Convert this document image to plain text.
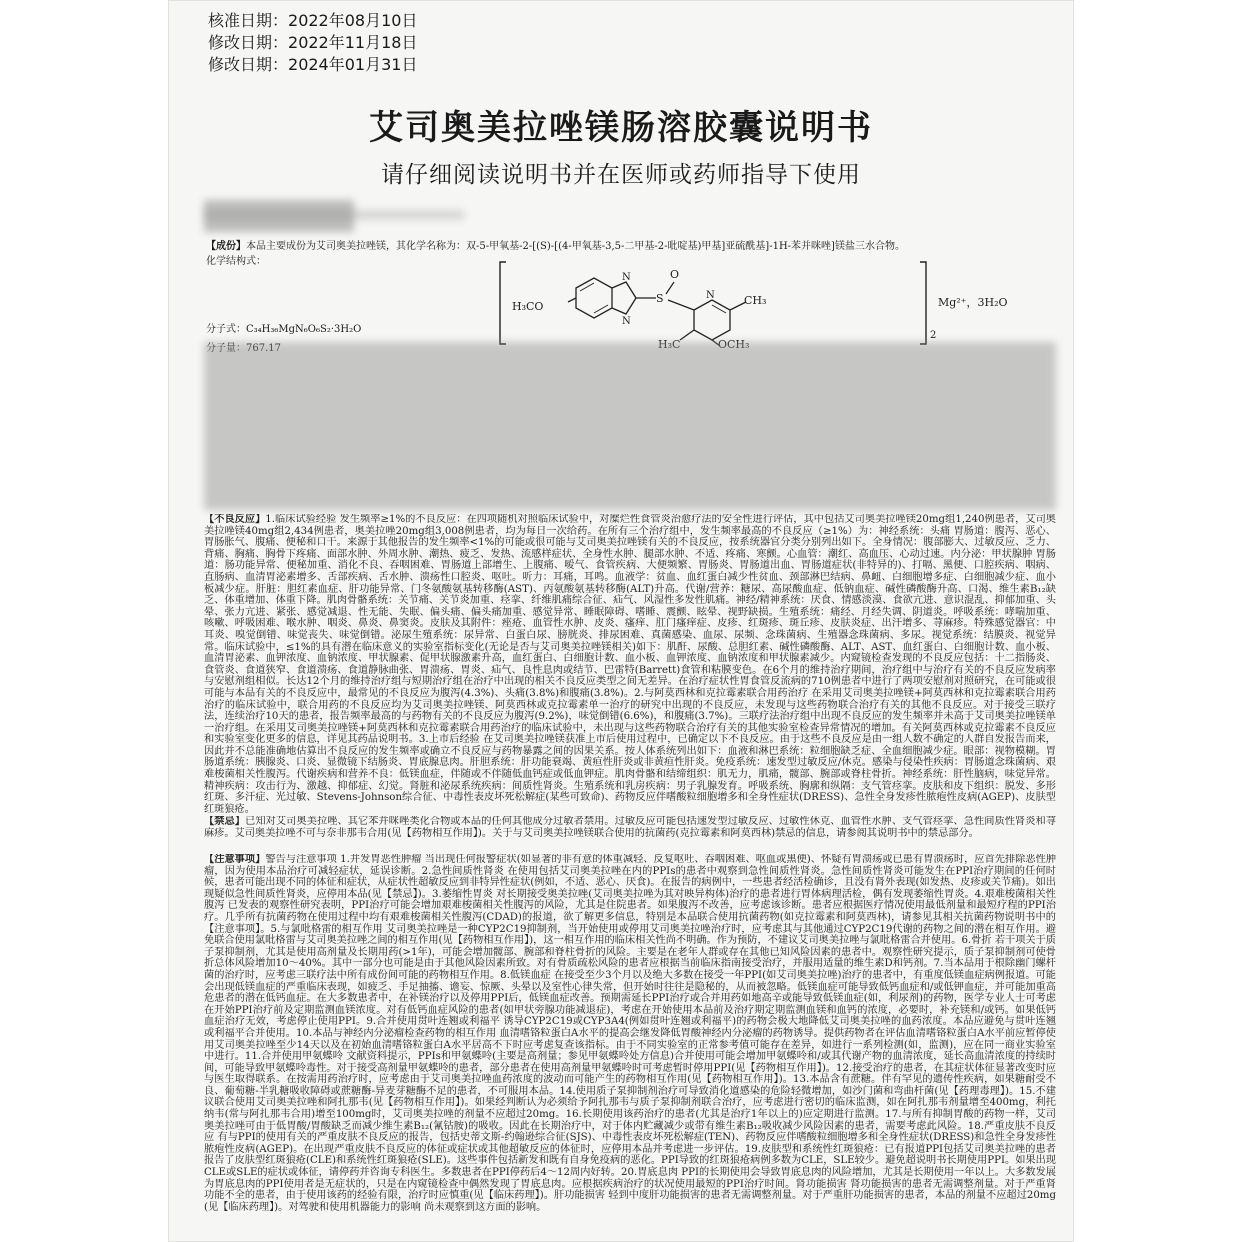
核准日期：2022年08月10日
修改日期：2022年11月18日
修改日期：2024年01月31日
艾司奥美拉唑镁肠溶胶囊说明书
请仔细阅读说明书并在医师或药师指导下使用
【成份】本品主要成份为艾司奥美拉唑镁，其化学名称为：双-5-甲氧基-2-[(S)-[(4-甲氧基-3,5-二甲基-2-吡啶基)甲基]亚硫酰基]-1H-苯并咪唑]镁盐三水合物。
化学结构式：
H₃CO
N
N
S
O
N	CH₃
H₃C	OCH₃
2
Mg²⁺，3H₂O
分子式：C₃₄H₃₆MgN₆O₆S₂·3H₂O
分子量：767.17
【不良反应】1.临床试验经验 发生频率≥1%的不良反应：在四项随机对照临床试验中，对糜烂性食管炎治愈疗法的安全性进行评估，其中包括艾司奥美拉唑镁20mg组1,240例患者，艾司奥美拉唑镁40mg组2,434例患者，奥美拉唑20mg组3,008例患者，均为每日一次给药。在所有三个治疗组中，发生频率最高的不良反应（≥1%）为：神经系统：头痛 胃肠道：腹泻、恶心、胃肠胀气、腹痛、便秘和口干。来源于其他报告的发生频率<1%的可能或很可能与艾司奥美拉唑镁有关的不良反应，按系统器官分类分别列出如下。全身情况：腹部膨大、过敏反应、乏力、背痛、胸痛、胸骨下疼痛、面部水肿、外周水肿、潮热、疲乏、发热、流感样症状、全身性水肿、腿部水肿、不适、疼痛、寒颤。心血管：潮红、高血压、心动过速。内分泌：甲状腺肿 胃肠道：肠功能异常、便秘加重、消化不良、吞咽困难、胃肠道上部增生、上腹痛、嗳气、食管疾病、大便频繁、胃肠炎、胃肠道出血、胃肠道症状(非特异的)、打嗝、黑便、口腔疾病、咽病、直肠病、血清胃泌素增多、舌部疾病、舌水肿、溃疡性口腔炎、呕吐。听力：耳痛，耳鸣。血液学：贫血、血红蛋白减少性贫血、颈部淋巴结病、鼻衄、白细胞增多症、白细胞减少症、血小板减少症。肝脏：胆红素血症、肝功能异常、门冬氨酸氨基转移酶(AST)、丙氨酸氨基转移酶(ALT)升高。代谢/营养：糖尿、高尿酸血症、低钠血症、碱性磷酸酶升高、口渴、维生素B₁₂缺乏、体重增加、体重下降。肌肉骨骼系统：关节痛、关节炎加重、痉挛、纤维肌痛综合征、疝气、风湿性多发性肌痛。神经/精神系统：厌食、情感淡漠、食欲亢进、意识混乱、抑郁加重、头晕、张力亢进、紧张、感觉减退、性无能、失眠、偏头痛、偏头痛加重、感觉异常、睡眠障碍、嗜睡、震颤、眩晕、视野缺损。生殖系统：痛经、月经失调、阴道炎。呼吸系统：哮喘加重、咳嗽、呼吸困难、喉水肿、咽炎、鼻炎、鼻窦炎。皮肤及其附件：痤疮、血管性水肿、皮炎、瘙痒、肛门瘙痒症、皮疹、红斑疹、斑丘疹、皮肤炎症、出汗增多、荨麻疹。特殊感觉器官：中耳炎、嗅觉倒错、味觉丧失、味觉倒错。泌尿生殖系统：尿异常、白蛋白尿、膀胱炎、排尿困难、真菌感染、血尿、尿频、念珠菌病、生殖器念珠菌病、多尿。视觉系统：结膜炎、视觉异常。临床试验中，≤1%的具有潜在临床意义的实验室指标变化(无论是否与艾司奥美拉唑镁相关)如下：肌酐、尿酸、总胆红素、碱性磷酸酶、ALT、AST、血红蛋白、白细胞计数、血小板、血清胃泌素、血钾浓度、血钠浓度、甲状腺素、促甲状腺激素升高，血红蛋白、白细胞计数、血小板、血钾浓度、血钠浓度和甲状腺素减少。内窥镜检查发现的不良反应包括：十二指肠炎、食管炎、食道狭窄、食道溃疡、食道静脉曲张、胃溃疡、胃炎、疝气、良性息肉或结节、巴雷特(Barrett)食管和粘膜变色。在6个月的维持治疗期间，治疗组中与治疗有关的不良反应发病率与安慰剂组相似。长达12个月的维持治疗组与短期治疗组在治疗中出现的相关不良反应类型之间无差异。在治疗症状性胃食管反流病的710例患者中进行了两项安慰剂对照研究，在可能或很可能与本品有关的不良反应中，最常见的不良反应为腹泻(4.3%)、头痛(3.8%)和腹痛(3.8%)。2.与阿莫西林和克拉霉素联合用药治疗 在采用艾司奥美拉唑镁+阿莫西林和克拉霉素联合用药治疗的临床试验中，联合用药的不良反应均为艾司奥美拉唑镁、阿莫西林或克拉霉素单一治疗的研究中出现的不良反应，未发现与这些药物联合治疗有关的其他不良反应。对于接受三联疗法，连续治疗10天的患者，报告频率最高的与药物有关的不良反应为腹泻(9.2%)，味觉倒错(6.6%)，和腹痛(3.7%)。三联疗法治疗组中出现不良反应的发生频率并未高于艾司奥美拉唑镁单一治疗组。在采用艾司奥美拉唑镁+阿莫西林和克拉霉素联合用药治疗的临床试验中，未出现与这些药物联合治疗有关的其他实验室检查异常情况的增加。有关阿莫西林或克拉霉素不良反应和实验室变化更多的信息，详见其药品说明书。3.上市后经验 在艾司奥美拉唑镁获准上市后使用过程中，已确定以下不良反应。由于这些不良反应是由一组人数不确定的人群自发报告而来，因此并不总能准确地估算出不良反应的发生频率或确立不良反应与药物暴露之间的因果关系。按人体系统列出如下：血液和淋巴系统：粒细胞缺乏症、全血细胞减少症。眼部：视物模糊。胃肠道系统：胰腺炎、口炎、显微镜下结肠炎、胃底腺息肉。肝胆系统：肝功能衰竭、黄疸性肝炎或非黄疸性肝炎。免疫系统：速发型过敏反应/休克。感染与侵染性疾病：胃肠道念珠菌病、艰难梭菌相关性腹泻。代谢疾病和营养不良：低镁血症，伴随或不伴随低血钙症或低血钾症。肌肉骨骼和结缔组织：肌无力，肌痛，髋部、腕部或脊柱骨折。神经系统：肝性脑病，味觉异常。精神疾病：攻击行为、激越、抑郁症、幻觉。肾脏和泌尿系统疾病：间质性肾炎。生殖系统和乳房疾病：男子乳腺发育。呼吸系统、胸廓和纵隔：支气管痉挛。皮肤和皮下组织：脱发、多形红斑、多汗症、光过敏、Stevens-Johnson综合征、中毒性表皮坏死松解症(某些可致命)、药物反应伴嗜酸粒细胞增多和全身性症状(DRESS)、急性全身发疹性脓疱性皮病(AGEP)、皮肤型红斑狼疮。
【禁忌】已知对艾司奥美拉唑、其它苯并咪唑类化合物或本品的任何其他成分过敏者禁用。过敏反应可能包括速发型过敏反应、过敏性休克、血管性水肿、支气管痉挛、急性间质性肾炎和荨麻疹。艾司奥美拉唑不可与奈非那韦合用(见【药物相互作用】)。关于与艾司奥美拉唑镁联合使用的抗菌药(克拉霉素和阿莫西林)禁忌的信息，请参阅其说明书中的禁忌部分。
【注意事项】警告与注意事项 1.并发胃恶性肿瘤 当出现任何报警症状(如显著的非有意的体重减轻、反复呕吐、吞咽困难、呕血或黑便)、怀疑有胃溃疡或已患有胃溃疡时，应首先排除恶性肿瘤，因为使用本品治疗可减轻症状，延误诊断。2.急性间质性肾炎 在使用包括艾司奥美拉唑在内的PPIs的患者中观察到急性间质性肾炎。急性间质性肾炎可能发生在PPI治疗期间的任何时候，患者可能出现不同的体征和症状，从症状性超敏反应到非特异性症状(例如，不适、恶心、厌食)。在报告的病例中，一些患者经活检确诊，且没有肾外表现(如发热、皮疹或关节痛)。如出现疑似急性间质性肾炎，应停用本品(见【禁忌】)。3.萎缩性胃炎 对长期接受奥美拉唑(艾司奥美拉唑为其对映异构体)治疗的患者进行胃体病理活检，偶有发现萎缩性胃炎。4.艰难梭菌相关性腹泻 已发表的观察性研究表明，PPI治疗可能会增加艰难梭菌相关性腹泻的风险，尤其是住院患者。如果腹泻不改善，应考虑该诊断。患者应根据医疗情况使用最低剂量和最短疗程的PPI治疗。几乎所有抗菌药物在使用过程中均有艰难梭菌相关性腹泻(CDAD)的报道，欲了解更多信息，特别是本品联合使用抗菌药物(如克拉霉素和阿莫西林)，请参见其相关抗菌药物说明书中的【注意事项】。5.与氯吡格雷的相互作用 艾司奥美拉唑是一种CYP2C19抑制剂，当开始使用或停用艾司奥美拉唑治疗时，应考虑其与其他通过CYP2C19代谢的药物之间的潜在相互作用。避免联合使用氯吡格雷与艾司奥美拉唑之间的相互作用(见【药物相互作用】)，这一相互作用的临床相关性尚不明确。作为预防，不建议艾司奥美拉唑与氯吡格雷合并使用。6.骨折 若干项关于质子泵抑制剂，尤其是使用高剂量及长期用药(>1年)，可能会增加髋部、腕部和脊柱骨折的风险。主要是在老年人群或存在其他已知风险因素的患者中。观察性研究提示，质子泵抑制剂可使骨折总体风险增加10～40%。其中一部分也可能是由于其他风险因素所致。对有骨质疏松风险的患者应根据当前临床指南接受治疗，并服用适量的维生素D和钙剂。7.当本品用于根除幽门螺杆菌的治疗时，应考虑三联疗法中所有成份间可能的药物相互作用。8.低镁血症 在接受至少3个月以及绝大多数在接受一年PPI(如艾司奥美拉唑)治疗的患者中，有重度低镁血症病例报道。可能会出现低镁血症的严重临床表现，如疲乏、手足抽搐、谵妄、惊厥、头晕以及室性心律失常，但开始时往往是隐秘的，从而被忽略。低镁血症可能导致低钙血症和/或低钾血症，并可能加重高危患者的潜在低钙血症。在大多数患者中，在补镁治疗以及停用PPI后，低镁血症改善。预期需延长PPI治疗或合并用药如地高辛或能导致低镁血症(如，利尿剂)的药物，医学专业人士可考虑在开始PPI治疗前及定期监测血镁浓度。对有低钙血症风险的患者(如甲状旁腺功能减退症)，考虑在开始使用本品前及治疗期定期监测血镁和血钙的浓度，必要时，补充镁和/或钙。如果低钙血症治疗无效，考虑停止使用PPI。9.合并使用贯叶连翘或利福平 诱导CYP2C19或CYP3A4(例如贯叶连翘或利福平)的药物会极大地降低艾司奥美拉唑的血药浓度。本品应避免与贯叶连翘或利福平合并使用。10.本品与神经内分泌瘤检查药物的相互作用 血清嗜铬粒蛋白A水平的提高会继发降低胃酸神经内分泌瘤的药物诱导。提供药物者在评估血清嗜铬粒蛋白A水平前应暂停使用艾司奥美拉唑至少14天以及在初始血清嗜铬粒蛋白A水平居高不下时应考虑复查该指标。由于不同实验室的正常参考值可能存在差异，如进行一系列检测(如，监测)，应在同一商业实验室中进行。11.合并使用甲氨蝶呤 文献资料提示，PPIs和甲氨蝶呤(主要是高剂量；参见甲氨蝶呤处方信息)合并使用可能会增加甲氨蝶呤和/或其代谢产物的血清浓度，延长高血清浓度的持续时间，可能导致甲氨蝶呤毒性。对于接受高剂量甲氨蝶呤的患者，部分患者在使用高剂量甲氨蝶呤时可考虑暂时停用PPI(见【药物相互作用】)。12.接受治疗的患者，在其症状体征显著改变时应与医生取得联系。在按需用药治疗时，应考虑由于艾司奥美拉唑血药浓度的波动而可能产生的药物相互作用(见【药物相互作用】)。13.本品含有蔗糖。伴有罕见的遗传性疾病，如果糖耐受不良、葡萄糖-半乳糖吸收障碍或蔗糖酶-异麦芽糖酶不足的患者，不可服用本品。14.使用质子泵抑制剂治疗可导致消化道感染的危险轻微增加，如沙门菌和弯曲杆菌(见【药理毒理】)。15.不建议联合使用艾司奥美拉唑和阿扎那韦(见【药物相互作用】)。如果经判断认为必须给予阿扎那韦与质子泵抑制剂联合治疗，应考虑进行密切的临床监测，如在阿扎那韦剂量增至400mg，利托纳韦(常与阿扎那韦合用)增至100mg时，艾司奥美拉唑的剂量不应超过20mg。16.长期使用该药治疗的患者(尤其是治疗1年以上的)应定期进行监测。17.与所有抑制胃酸的药物一样，艾司奥美拉唑可由于低胃酸/胃酸缺乏而减少维生素B₁₂(氰钴胺)的吸收。因此在长期治疗中，对于体内贮藏减少或带有维生素B₁₂吸收减少风险因素的患者，需要考虑此风险。18.严重皮肤不良反应 有与PPI的使用有关的严重皮肤不良反应的报告，包括史蒂文斯-约翰逊综合征(SJS)、中毒性表皮坏死松解症(TEN)、药物反应伴嗜酸粒细胞增多和全身性症状(DRESS)和急性全身发疹性脓疱性皮病(AGEP)。在出现严重皮肤不良反应的体征或症状或其他超敏反应的体征时，应停用本品并考虑进一步评估。19.皮肤型和系统性红斑狼疮：已有报道PPI包括艾司奥美拉唑的患者报告了皮肤型红斑狼疮(CLE)和系统性红斑狼疮(SLE)。这些事件包括新发和既有自身免疫病的恶化。PPI导致的红斑狼疮病例多数为CLE，SLE较少。避免超说明书长期使用PPI。如果出现CLE或SLE的症状或体征，请停药并咨询专科医生。多数患者在PPI停药后4～12周内好转。20.胃底息肉 PPI的长期使用会导致胃底息肉的风险增加，尤其是长期使用一年以上。大多数发展为胃底息肉的PPI使用者是无症状的，只是在内窥镜检查中偶然发现了胃底息肉。应根据疾病治疗的状况使用最短的PPI治疗时间。肾功能损害 肾功能损害的患者无需调整剂量。对于严重肾功能不全的患者，由于使用该药的经验有限，治疗时应慎重(见【临床药理】)。肝功能损害 轻到中度肝功能损害的患者无需调整剂量。对于严重肝功能损害的患者，本品的剂量不应超过20mg(见【临床药理】)。对驾驶和使用机器能力的影响 尚未观察到这方面的影响。
